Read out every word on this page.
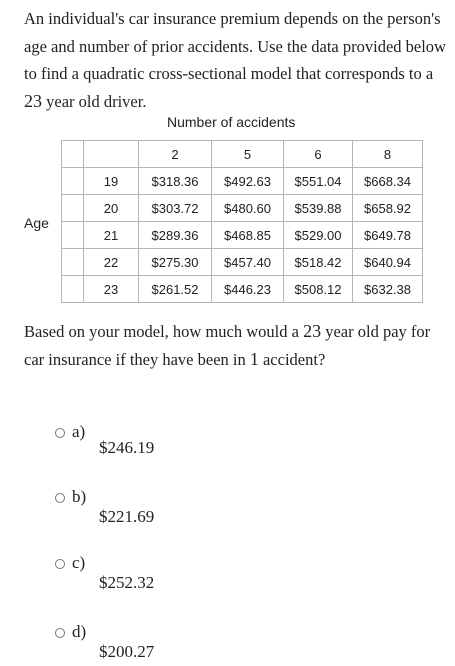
An individual's car insurance premium depends on the person's age and number of prior accidents. Use the data provided below to find a quadratic cross-sectional model that corresponds to a 23 year old driver.
Number of accidents
Age
		2	5	6	8
	19	$318.36	$492.63	$551.04	$668.34
	20	$303.72	$480.60	$539.88	$658.92
	21	$289.36	$468.85	$529.00	$649.78
	22	$275.30	$457.40	$518.42	$640.94
	23	$261.52	$446.23	$508.12	$632.38
Based on your model, how much would a 23 year old pay for car insurance if they have been in 1 accident?
a)
$246.19
b)
$221.69
c)
$252.32
d)
$200.27
